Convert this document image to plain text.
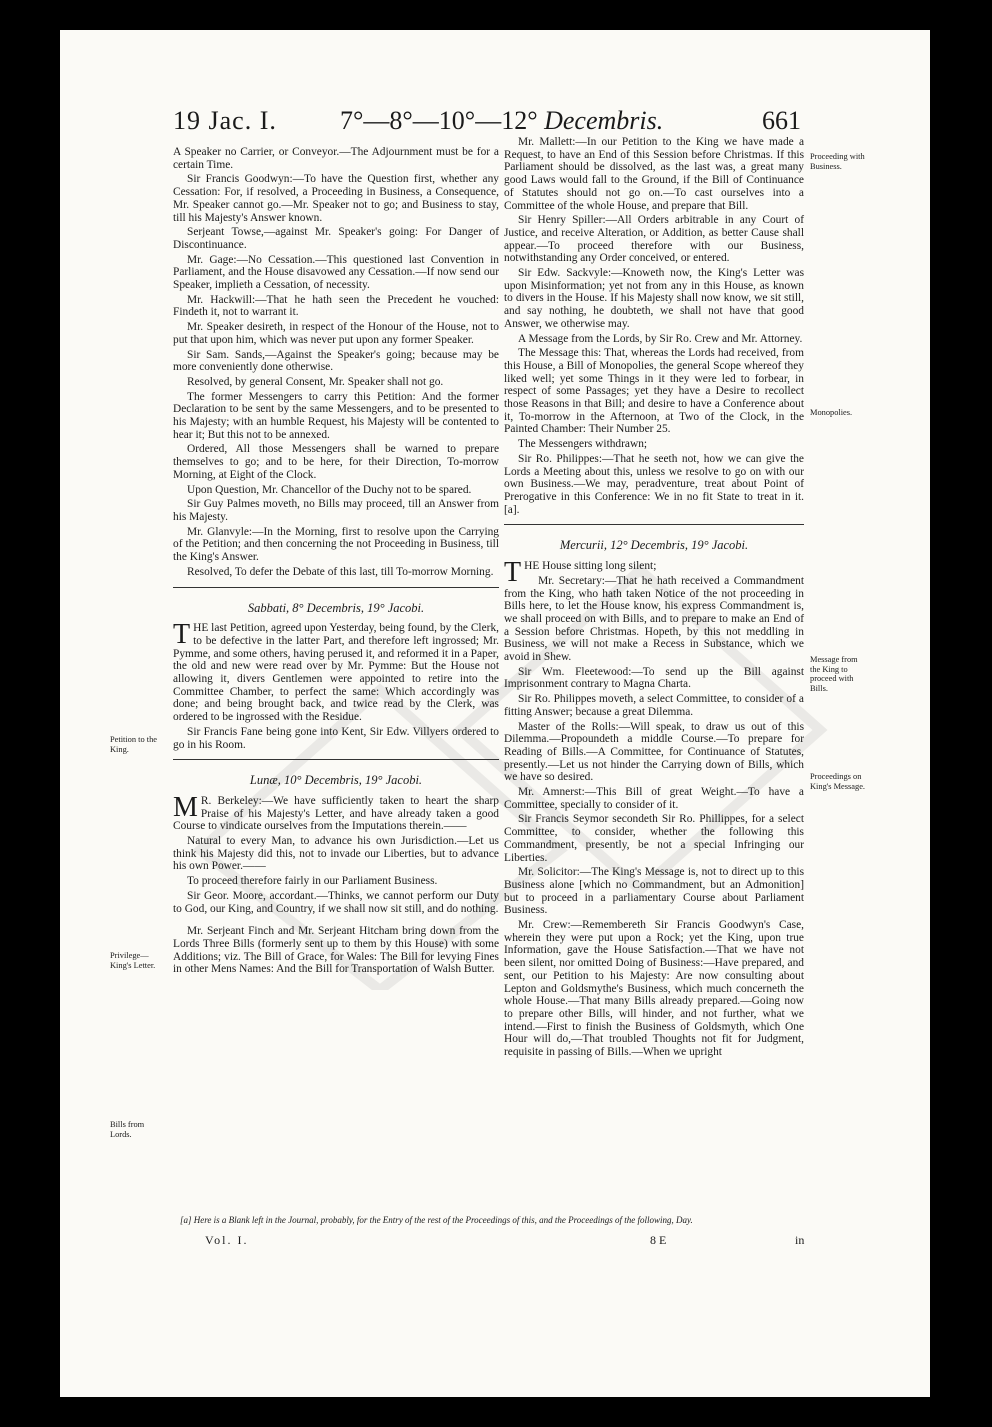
19 Jac. I. 7°—8°—10°—12° Decembris.	661

A Speaker no Carrier, or Conveyor.—The Adjournment must be for a certain Time.

Sir Francis Goodwyn:—To have the Question first, whether any Cessation: For, if resolved, a Proceeding in Business, a Consequence, Mr. Speaker cannot go.—Mr. Speaker not to go; and Business to stay, till his Majesty's Answer known.

Serjeant Towse,—against Mr. Speaker's going: For Danger of Discontinuance.

Mr. Gage:—No Cessation.—This questioned last Convention in Parliament, and the House disavowed any Cessation.—If now send our Speaker, implieth a Cessation, of necessity.

Mr. Hackwill:—That he hath seen the Precedent he vouched: Findeth it, not to warrant it.

Mr. Speaker desireth, in respect of the Honour of the House, not to put that upon him, which was never put upon any former Speaker.

Sir Sam. Sands,—Against the Speaker's going; because may be more conveniently done otherwise.

Resolved, by general Consent, Mr. Speaker shall not go.

The former Messengers to carry this Petition: And the former Declaration to be sent by the same Messengers, and to be presented to his Majesty; with an humble Request, his Majesty will be contented to hear it; But this not to be annexed.

Ordered, All those Messengers shall be warned to prepare themselves to go; and to be here, for their Direction, To-morrow Morning, at Eight of the Clock.

Upon Question, Mr. Chancellor of the Duchy not to be spared.

Sir Guy Palmes moveth, no Bills may proceed, till an Answer from his Majesty.

Mr. Glanvyle:—In the Morning, first to resolve upon the Carrying of the Petition; and then concerning the not Proceeding in Business, till the King's Answer.

Resolved, To defer the Debate of this last, till To-morrow Morning.

Sabbati, 8° Decembris, 19° Jacobi.

THE last Petition, agreed upon Yesterday, being found, by the Clerk, to be defective in the latter Part, and therefore left ingrossed; Mr. Pymme, and some others, having perused it, and reformed it in a Paper, the old and new were read over by Mr. Pymme: But the House not allowing it, divers Gentlemen were appointed to retire into the Committee Chamber, to perfect the same: Which accordingly was done; and being brought back, and twice read by the Clerk, was ordered to be ingrossed with the Residue.

Sir Francis Fane being gone into Kent, Sir Edw. Villyers ordered to go in his Room.

Lunæ, 10° Decembris, 19° Jacobi.

M R. Berkeley:—We have sufficiently taken to heart the sharp Praise of his Majesty's Letter, and have already taken a good Course to vindicate ourselves from the Imputations therein.——

Natural to every Man, to advance his own Jurisdiction.—Let us think his Majesty did this, not to invade our Liberties, but to advance his own Power.——

To proceed therefore fairly in our Parliament Business.

Sir Geor. Moore, accordant.—Thinks, we cannot perform our Duty to God, our King, and Country, if we shall now sit still, and do nothing.

Mr. Serjeant Finch and Mr. Serjeant Hitcham bring down from the Lords Three Bills (formerly sent up to them by this House) with some Additions; viz. The Bill of Grace, for Wales: The Bill for levying Fines in other Mens Names: And the Bill for Transportation of Walsh Butter.

Mr. Mallett:—In our Petition to the King we have made a Request, to have an End of this Session before Christmas. If this Parliament should be dissolved, as the last was, a great many good Laws would fall to the Ground, if the Bill of Continuance of Statutes should not go on.—To cast ourselves into a Committee of the whole House, and prepare that Bill.

Sir Henry Spiller:—All Orders arbitrable in any Court of Justice, and receive Alteration, or Addition, as better Cause shall appear.—To proceed therefore with our Business, notwithstanding any Order conceived, or entered.

Sir Edw. Sackvyle:—Knoweth now, the King's Letter was upon Misinformation; yet not from any in this House, as known to divers in the House. If his Majesty shall now know, we sit still, and say nothing, he doubteth, we shall not have that good Answer, we otherwise may.

A Message from the Lords, by Sir Ro. Crew and Mr. Attorney.

The Message this: That, whereas the Lords had received, from this House, a Bill of Monopolies, the general Scope whereof they liked well; yet some Things in it they were led to forbear, in respect of some Passages; yet they have a Desire to recollect those Reasons in that Bill; and desire to have a Conference about it, To-morrow in the Afternoon, at Two of the Clock, in the Painted Chamber: Their Number 25.

The Messengers withdrawn;

Sir Ro. Philippes:—That he seeth not, how we can give the Lords a Meeting about this, unless we resolve to go on with our own Business.—We may, peradventure, treat about Point of Prerogative in this Conference: We in no fit State to treat in it. [a].

Mercurii, 12° Decembris, 19° Jacobi.

THE House sitting long silent;

Mr. Secretary:—That he hath received a Commandment from the King, who hath taken Notice of the not proceeding in Bills here, to let the House know, his express Commandment is, we shall proceed on with Bills, and to prepare to make an End of a Session before Christmas. Hopeth, by this not meddling in Business, we will not make a Recess in Substance, which we avoid in Shew.

Sir Wm. Fleetewood:—To send up the Bill against Imprisonment contrary to Magna Charta.

Sir Ro. Philippes moveth, a select Committee, to consider of a fitting Answer; because a great Dilemma.

Master of the Rolls:—Will speak, to draw us out of this Dilemma.—Propoundeth a middle Course.—To prepare for Reading of Bills.—A Committee, for Continuance of Statutes, presently.—Let us not hinder the Carrying down of Bills, which we have so desired.

Mr. Amnerst:—This Bill of great Weight.—To have a Committee, specially to consider of it.

Sir Francis Seymor secondeth Sir Ro. Phillippes, for a select Committee, to consider, whether the following this Commandment, presently, be not a special Infringing our Liberties.

Mr. Solicitor:—The King's Message is, not to direct up to this Business alone [which no Commandment, but an Admonition] but to proceed in a parliamentary Course about Parliament Business.

Mr. Crew:—Remembereth Sir Francis Goodwyn's Case, wherein they were put upon a Rock; yet the King, upon true Information, gave the House Satisfaction.—That we have not been silent, nor omitted Doing of Business:—Have prepared, and sent, our Petition to his Majesty: Are now consulting about Lepton and Goldsmythe's Business, which much concerneth the whole House.—That many Bills already prepared.—Going now to prepare other Bills, will hinder, and not further, what we intend.—First to finish the Business of Goldsmyth, which One Hour will do,—That troubled Thoughts not fit for Judgment, requisite in passing of Bills.—When we upright

Petition to the King.
Privilege— King's Letter.
Bills from Lords.
Proceeding with Business.
Monopolies.
Message from the King to proceed with Bills.
Proceedings on King's Message.
[a] Here is a Blank left in the Journal, probably, for the Entry of the rest of the Proceedings of this, and the Proceedings of the following, Day.
Vol. I.	8 E	in
